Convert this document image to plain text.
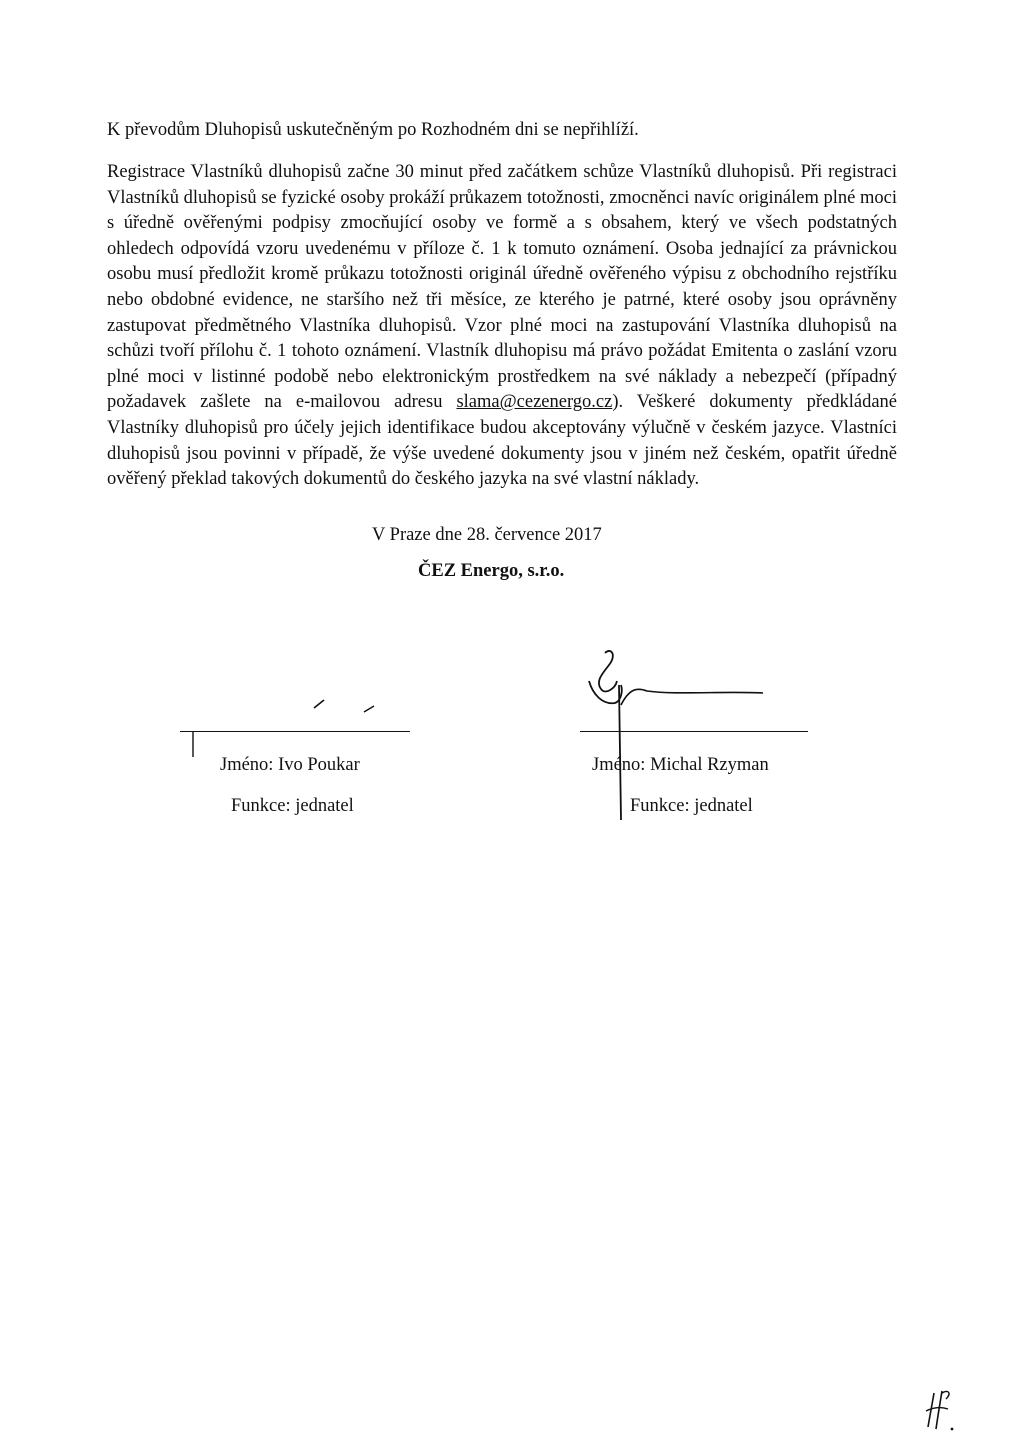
K převodům Dluhopisů uskutečněným po Rozhodném dni se nepřihlíží.

Registrace Vlastníků dluhopisů začne 30 minut před začátkem schůze Vlastníků dluhopisů. Při registraci Vlastníků dluhopisů se fyzické osoby prokáží průkazem totožnosti, zmocněnci navíc originálem plné moci s úředně ověřenými podpisy zmocňující osoby ve formě a s obsahem, který ve všech podstatných ohledech odpovídá vzoru uvedenému v příloze č. 1 k tomuto oznámení. Osoba jednající za právnickou osobu musí předložit kromě průkazu totožnosti originál úředně ověřeného výpisu z obchodního rejstříku nebo obdobné evidence, ne staršího než tři měsíce, ze kterého je patrné, které osoby jsou oprávněny zastupovat předmětného Vlastníka dluhopisů. Vzor plné moci na zastupování Vlastníka dluhopisů na schůzi tvoří přílohu č. 1 tohoto oznámení. Vlastník dluhopisu má právo požádat Emitenta o zaslání vzoru plné moci v listinné podobě nebo elektronickým prostředkem na své náklady a nebezpečí (případný požadavek zašlete na e-mailovou adresu slama@cezenergo.cz). Veškeré dokumenty předkládané Vlastníky dluhopisů pro účely jejich identifikace budou akceptovány výlučně v českém jazyce. Vlastníci dluhopisů jsou povinni v případě, že výše uvedené dokumenty jsou v jiném než českém, opatřit úředně ověřený překlad takových dokumentů do českého jazyka na své vlastní náklady.

V Praze dne 28. července 2017

ČEZ Energo, s.r.o.

Jméno: Ivo Poukar

Funkce: jednatel

Jméno: Michal Rzyman

Funkce: jednatel
